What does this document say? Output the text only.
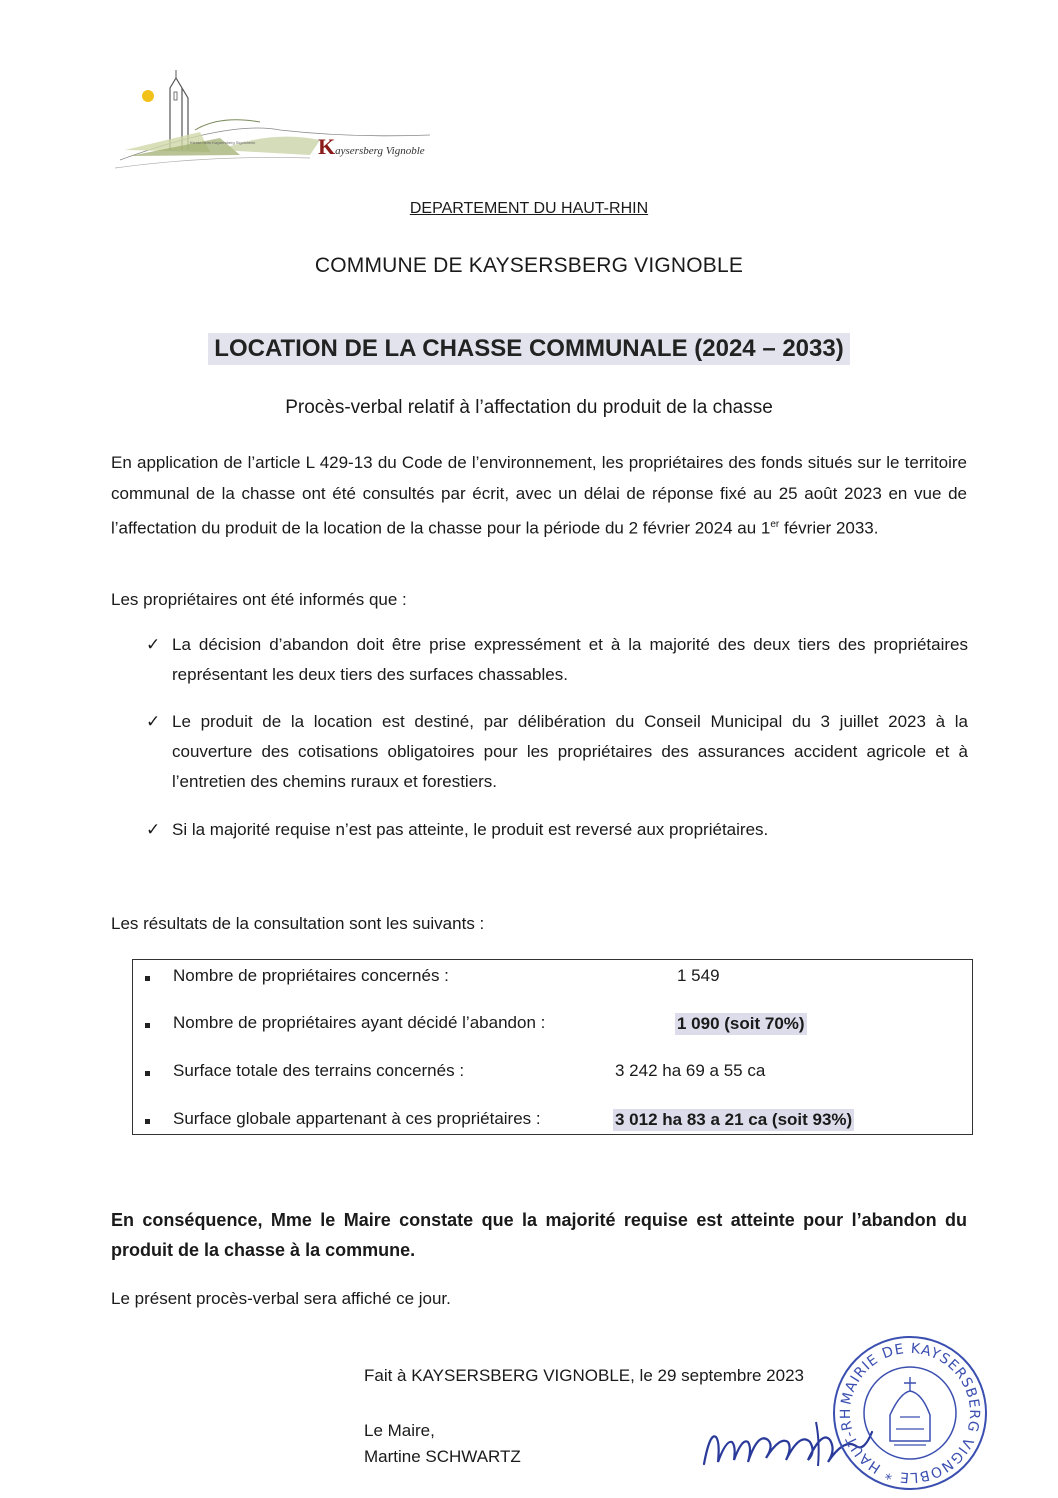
Kientz-heim Kaysersberg Sigolsheim	Kaysersberg Vignoble
DEPARTEMENT DU HAUT-RHIN
COMMUNE DE KAYSERSBERG VIGNOBLE
LOCATION DE LA CHASSE COMMUNALE (2024 – 2033)
Procès-verbal relatif à l’affectation du produit de la chasse
En application de l’article L 429-13 du Code de l’environnement, les propriétaires des fonds situés sur le territoire communal de la chasse ont été consultés par écrit, avec un délai de réponse fixé au 25 août 2023 en vue de l’affectation du produit de la location de la chasse pour la période du 2 février 2024 au 1er février 2033.
Les propriétaires ont été informés que :
✓ La décision d’abandon doit être prise expressément et à la majorité des deux tiers des propriétaires représentant les deux tiers des surfaces chassables.
✓ Le produit de la location est destiné, par délibération du Conseil Municipal du 3 juillet 2023 à la couverture des cotisations obligatoires pour les propriétaires des assurances accident agricole et à l’entretien des chemins ruraux et forestiers.
✓ Si la majorité requise n’est pas atteinte, le produit est reversé aux propriétaires.
Les résultats de la consultation sont les suivants :
Nombre de propriétaires concernés :	1 549
Nombre de propriétaires ayant décidé l’abandon :	1 090 (soit 70%)
Surface totale des terrains concernés :	3 242 ha 69 a 55 ca
Surface globale appartenant à ces propriétaires :	3 012 ha 83 a 21 ca (soit 93%)
En conséquence, Mme le Maire constate que la majorité requise est atteinte pour l’abandon du produit de la chasse à la commune.
Le présent procès-verbal sera affiché ce jour.
Fait à KAYSERSBERG VIGNOBLE, le 29 septembre 2023
Le Maire,
Martine SCHWARTZ
MAIRIE DE KAYSERSBERG VIGNOBLE * HAUT-RH
